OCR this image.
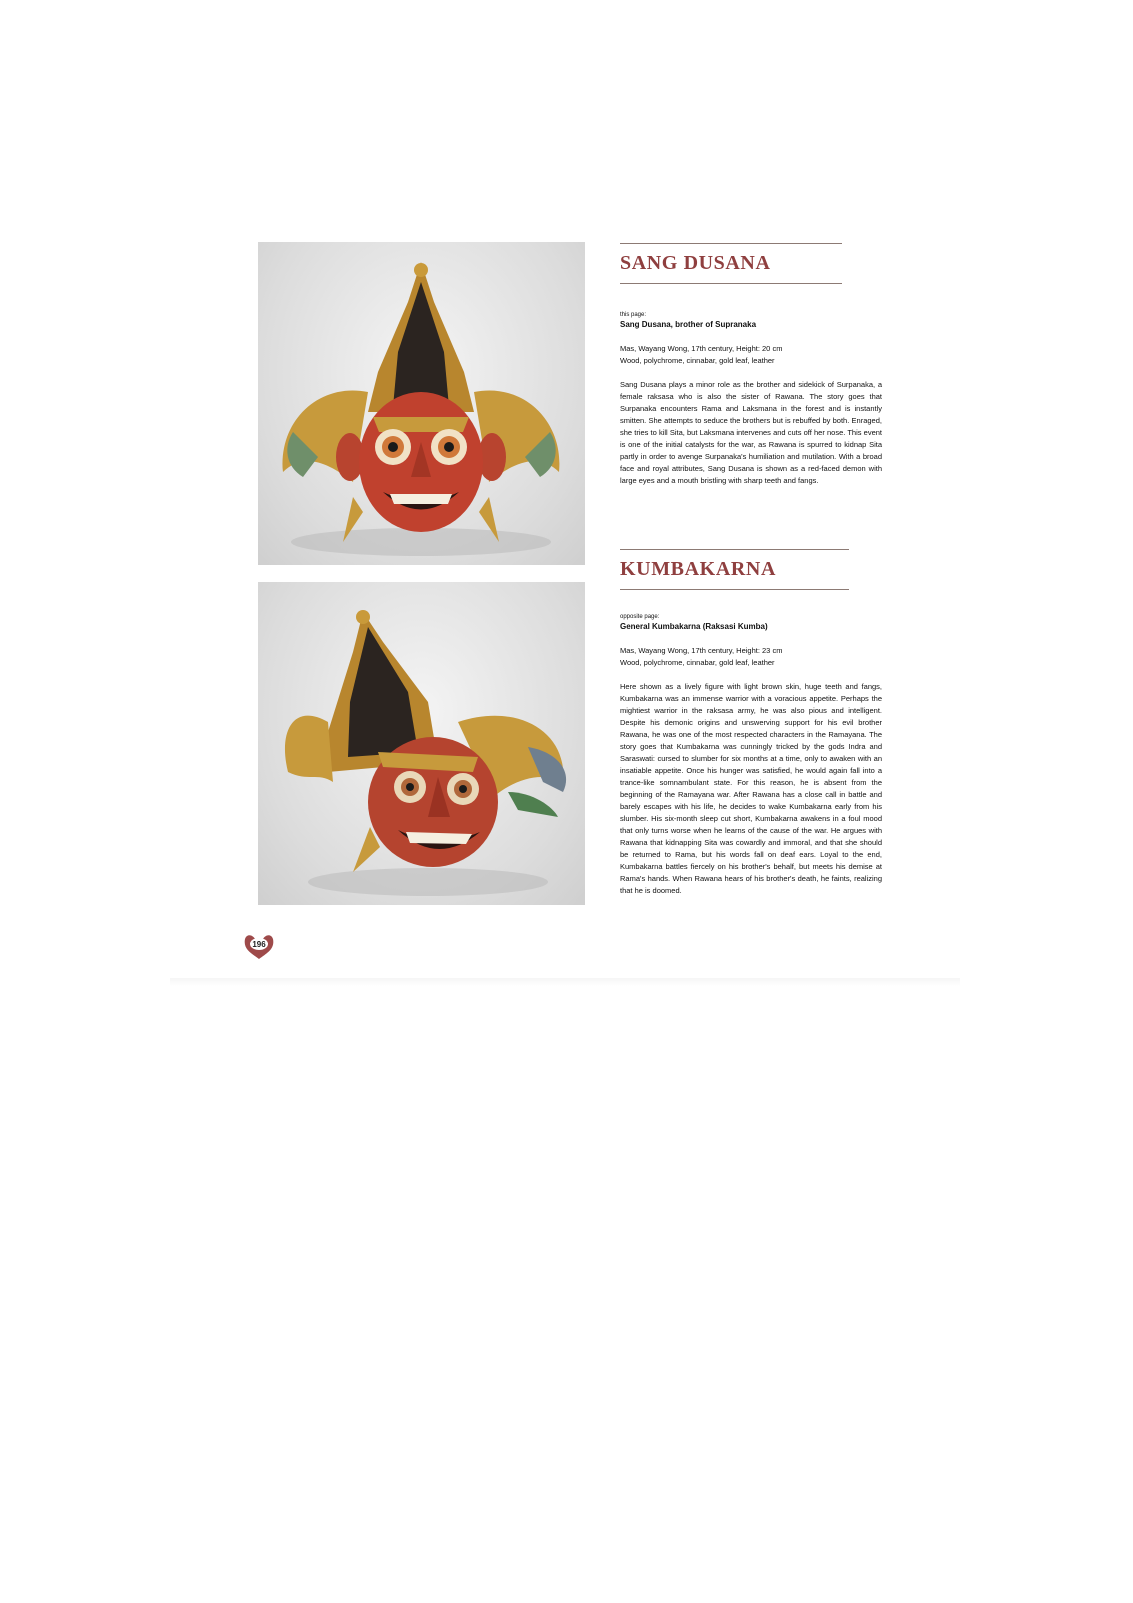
SANG DUSANA
this page:
Sang Dusana, brother of Supranaka
Mas, Wayang Wong, 17th century, Height: 20 cm
Wood, polychrome, cinnabar, gold leaf, leather
Sang Dusana plays a minor role as the brother and sidekick of Surpanaka, a female raksasa who is also the sister of Rawana. The story goes that Surpanaka encounters Rama and Laksmana in the forest and is instantly smitten. She attempts to seduce the brothers but is rebuffed by both. Enraged, she tries to kill Sita, but Laksmana intervenes and cuts off her nose. This event is one of the initial catalysts for the war, as Rawana is spurred to kidnap Sita partly in order to avenge Surpanaka's humiliation and mutilation. With a broad face and royal attributes, Sang Dusana is shown as a red-faced demon with large eyes and a mouth bristling with sharp teeth and fangs.
KUMBAKARNA
opposite page:
General Kumbakarna (Raksasi Kumba)
Mas, Wayang Wong, 17th century, Height: 23 cm
Wood, polychrome, cinnabar, gold leaf, leather
Here shown as a lively figure with light brown skin, huge teeth and fangs, Kumbakarna was an immense warrior with a voracious appetite. Perhaps the mightiest warrior in the raksasa army, he was also pious and intelligent. Despite his demonic origins and unswerving support for his evil brother Rawana, he was one of the most respected characters in the Ramayana. The story goes that Kumbakarna was cunningly tricked by the gods Indra and Saraswati: cursed to slumber for six months at a time, only to awaken with an insatiable appetite. Once his hunger was satisfied, he would again fall into a trance-like somnambulant state. For this reason, he is absent from the beginning of the Ramayana war. After Rawana has a close call in battle and barely escapes with his life, he decides to wake Kumbakarna early from his slumber. His six-month sleep cut short, Kumbakarna awakens in a foul mood that only turns worse when he learns of the cause of the war. He argues with Rawana that kidnapping Sita was cowardly and immoral, and that she should be returned to Rama, but his words fall on deaf ears. Loyal to the end, Kumbakarna battles fiercely on his brother's behalf, but meets his demise at Rama's hands. When Rawana hears of his brother's death, he faints, realizing that he is doomed.
196
